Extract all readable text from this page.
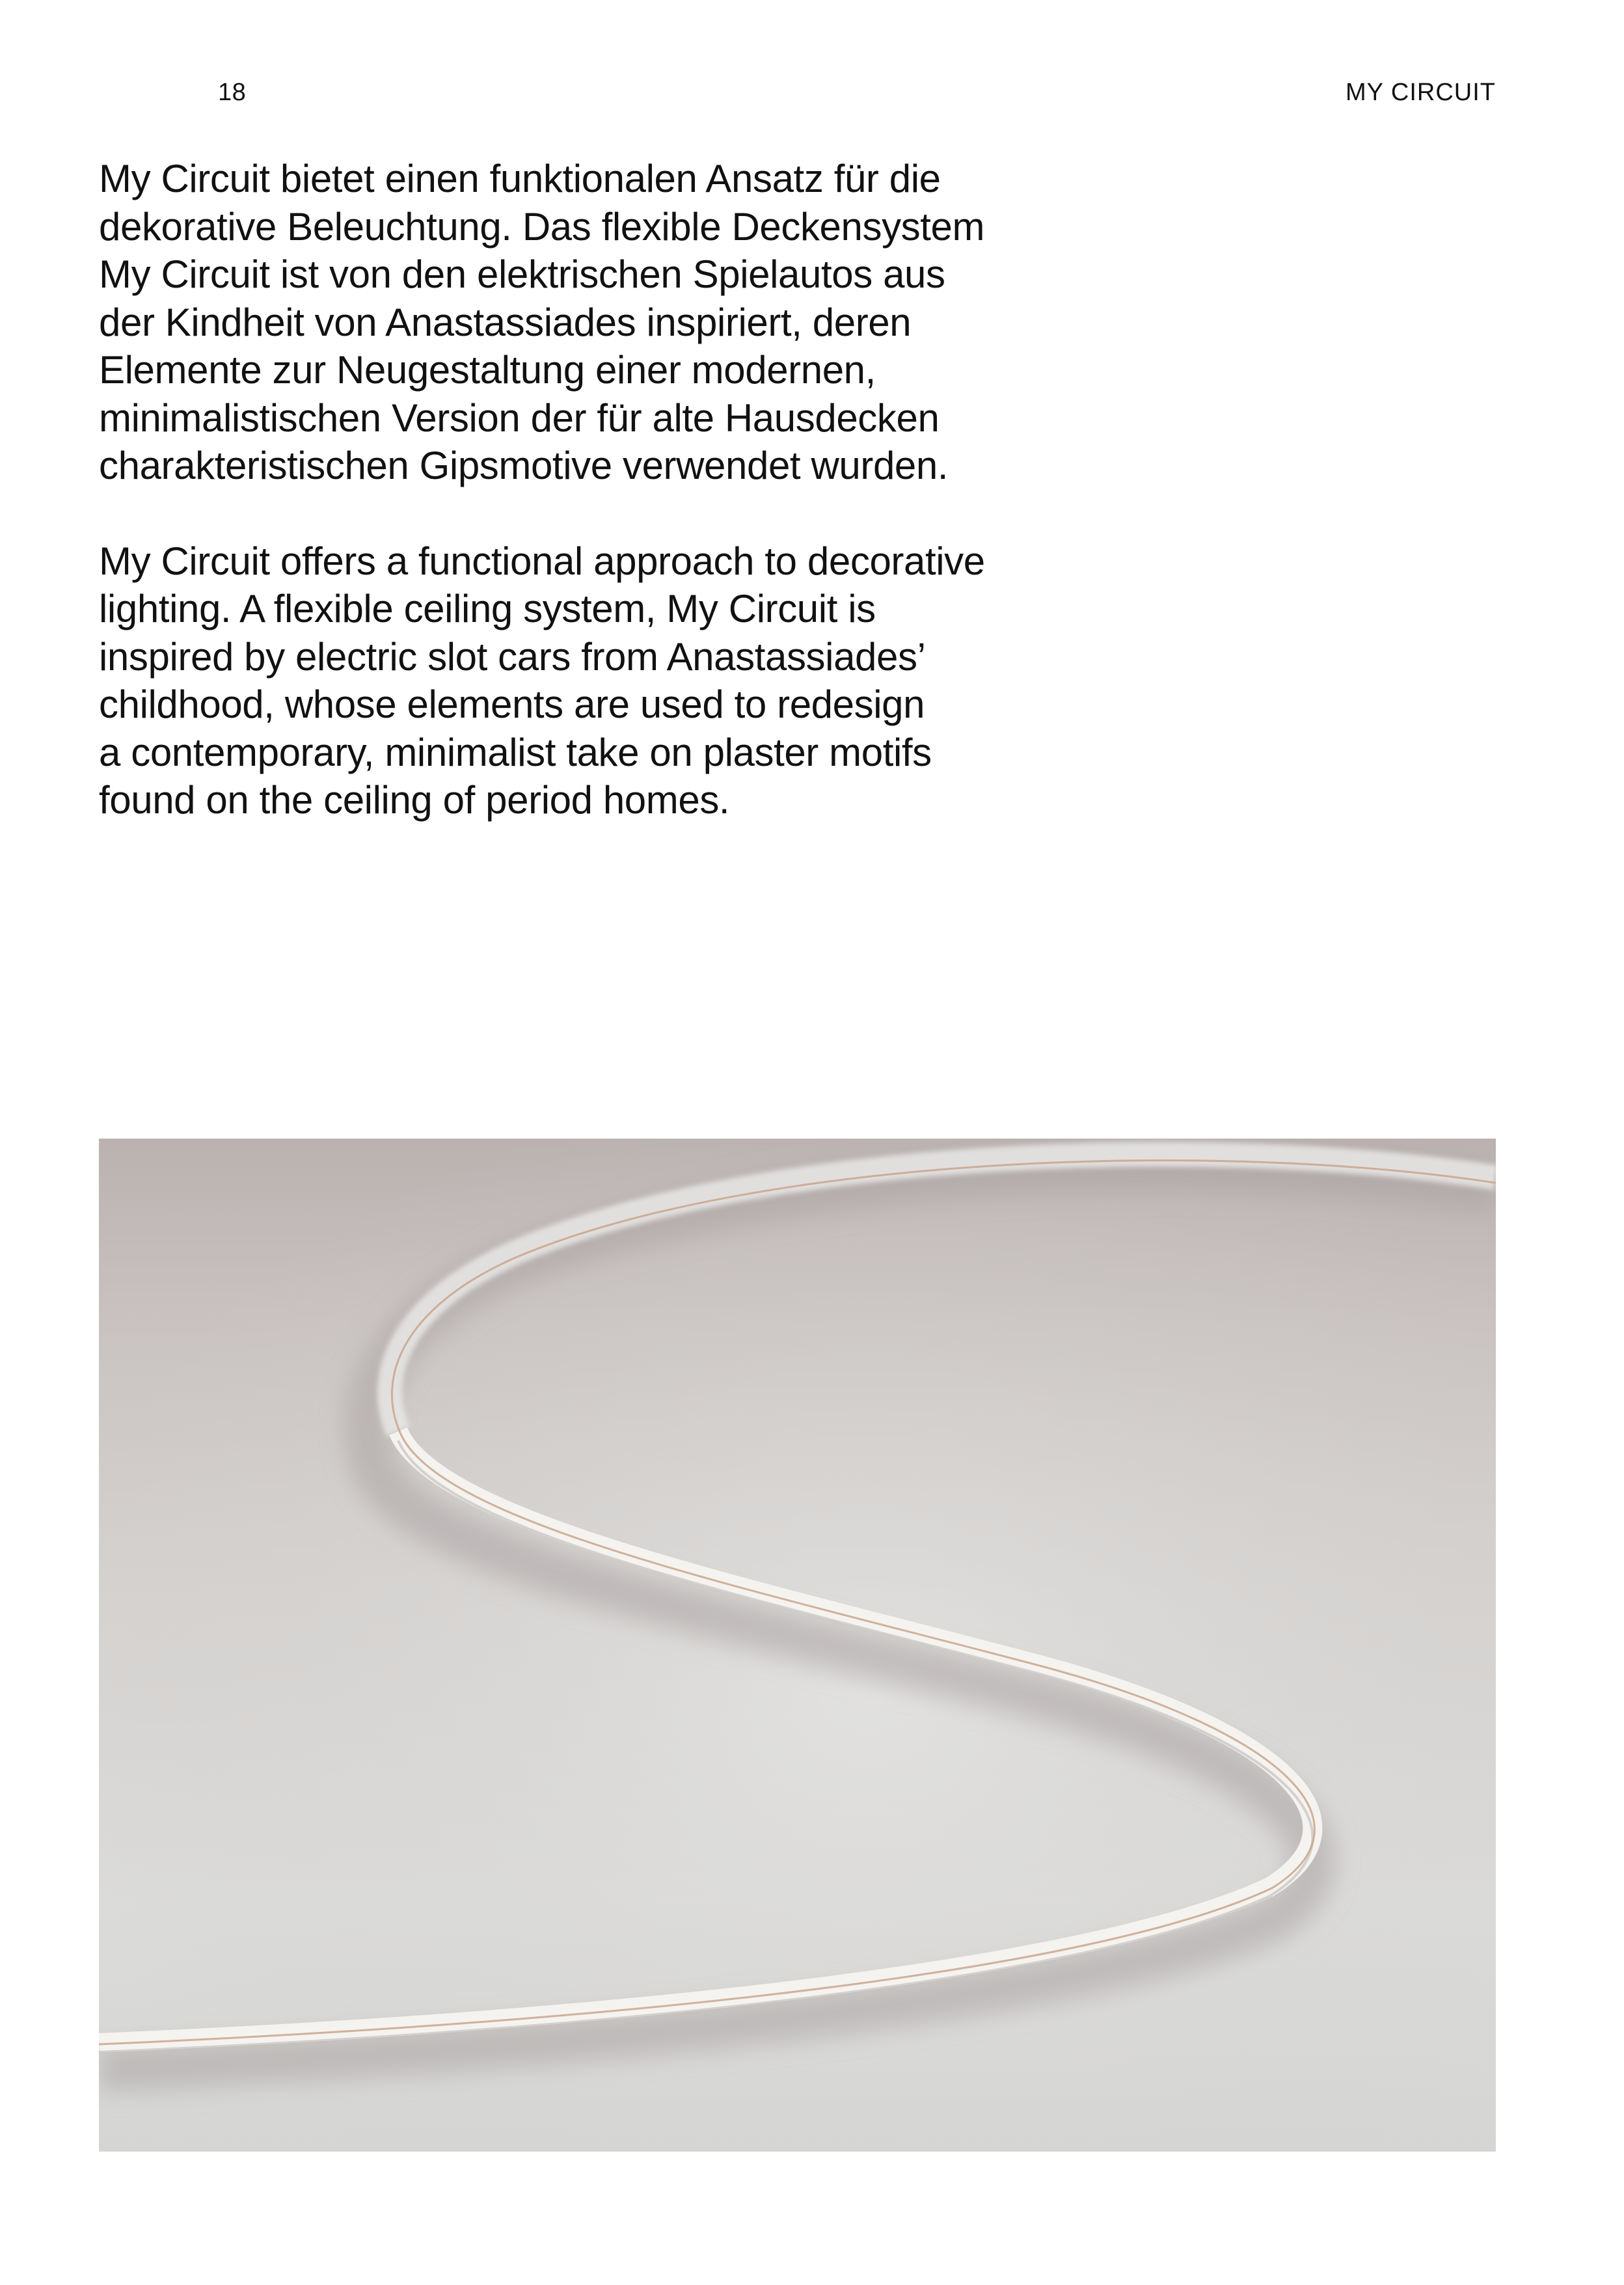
18	MY CIRCUIT

My Circuit bietet einen funktionalen Ansatz für die
dekorative Beleuchtung. Das flexible Deckensystem
My Circuit ist von den elektrischen Spielautos aus
der Kindheit von Anastassiades inspiriert, deren
Elemente zur Neugestaltung einer modernen,
minimalistischen Version der für alte Hausdecken
charakteristischen Gipsmotive verwendet wurden.

My Circuit offers a functional approach to decorative
lighting. A flexible ceiling system, My Circuit is
inspired by electric slot cars from Anastassiades’
childhood, whose elements are used to redesign
a contemporary, minimalist take on plaster motifs
found on the ceiling of period homes.
